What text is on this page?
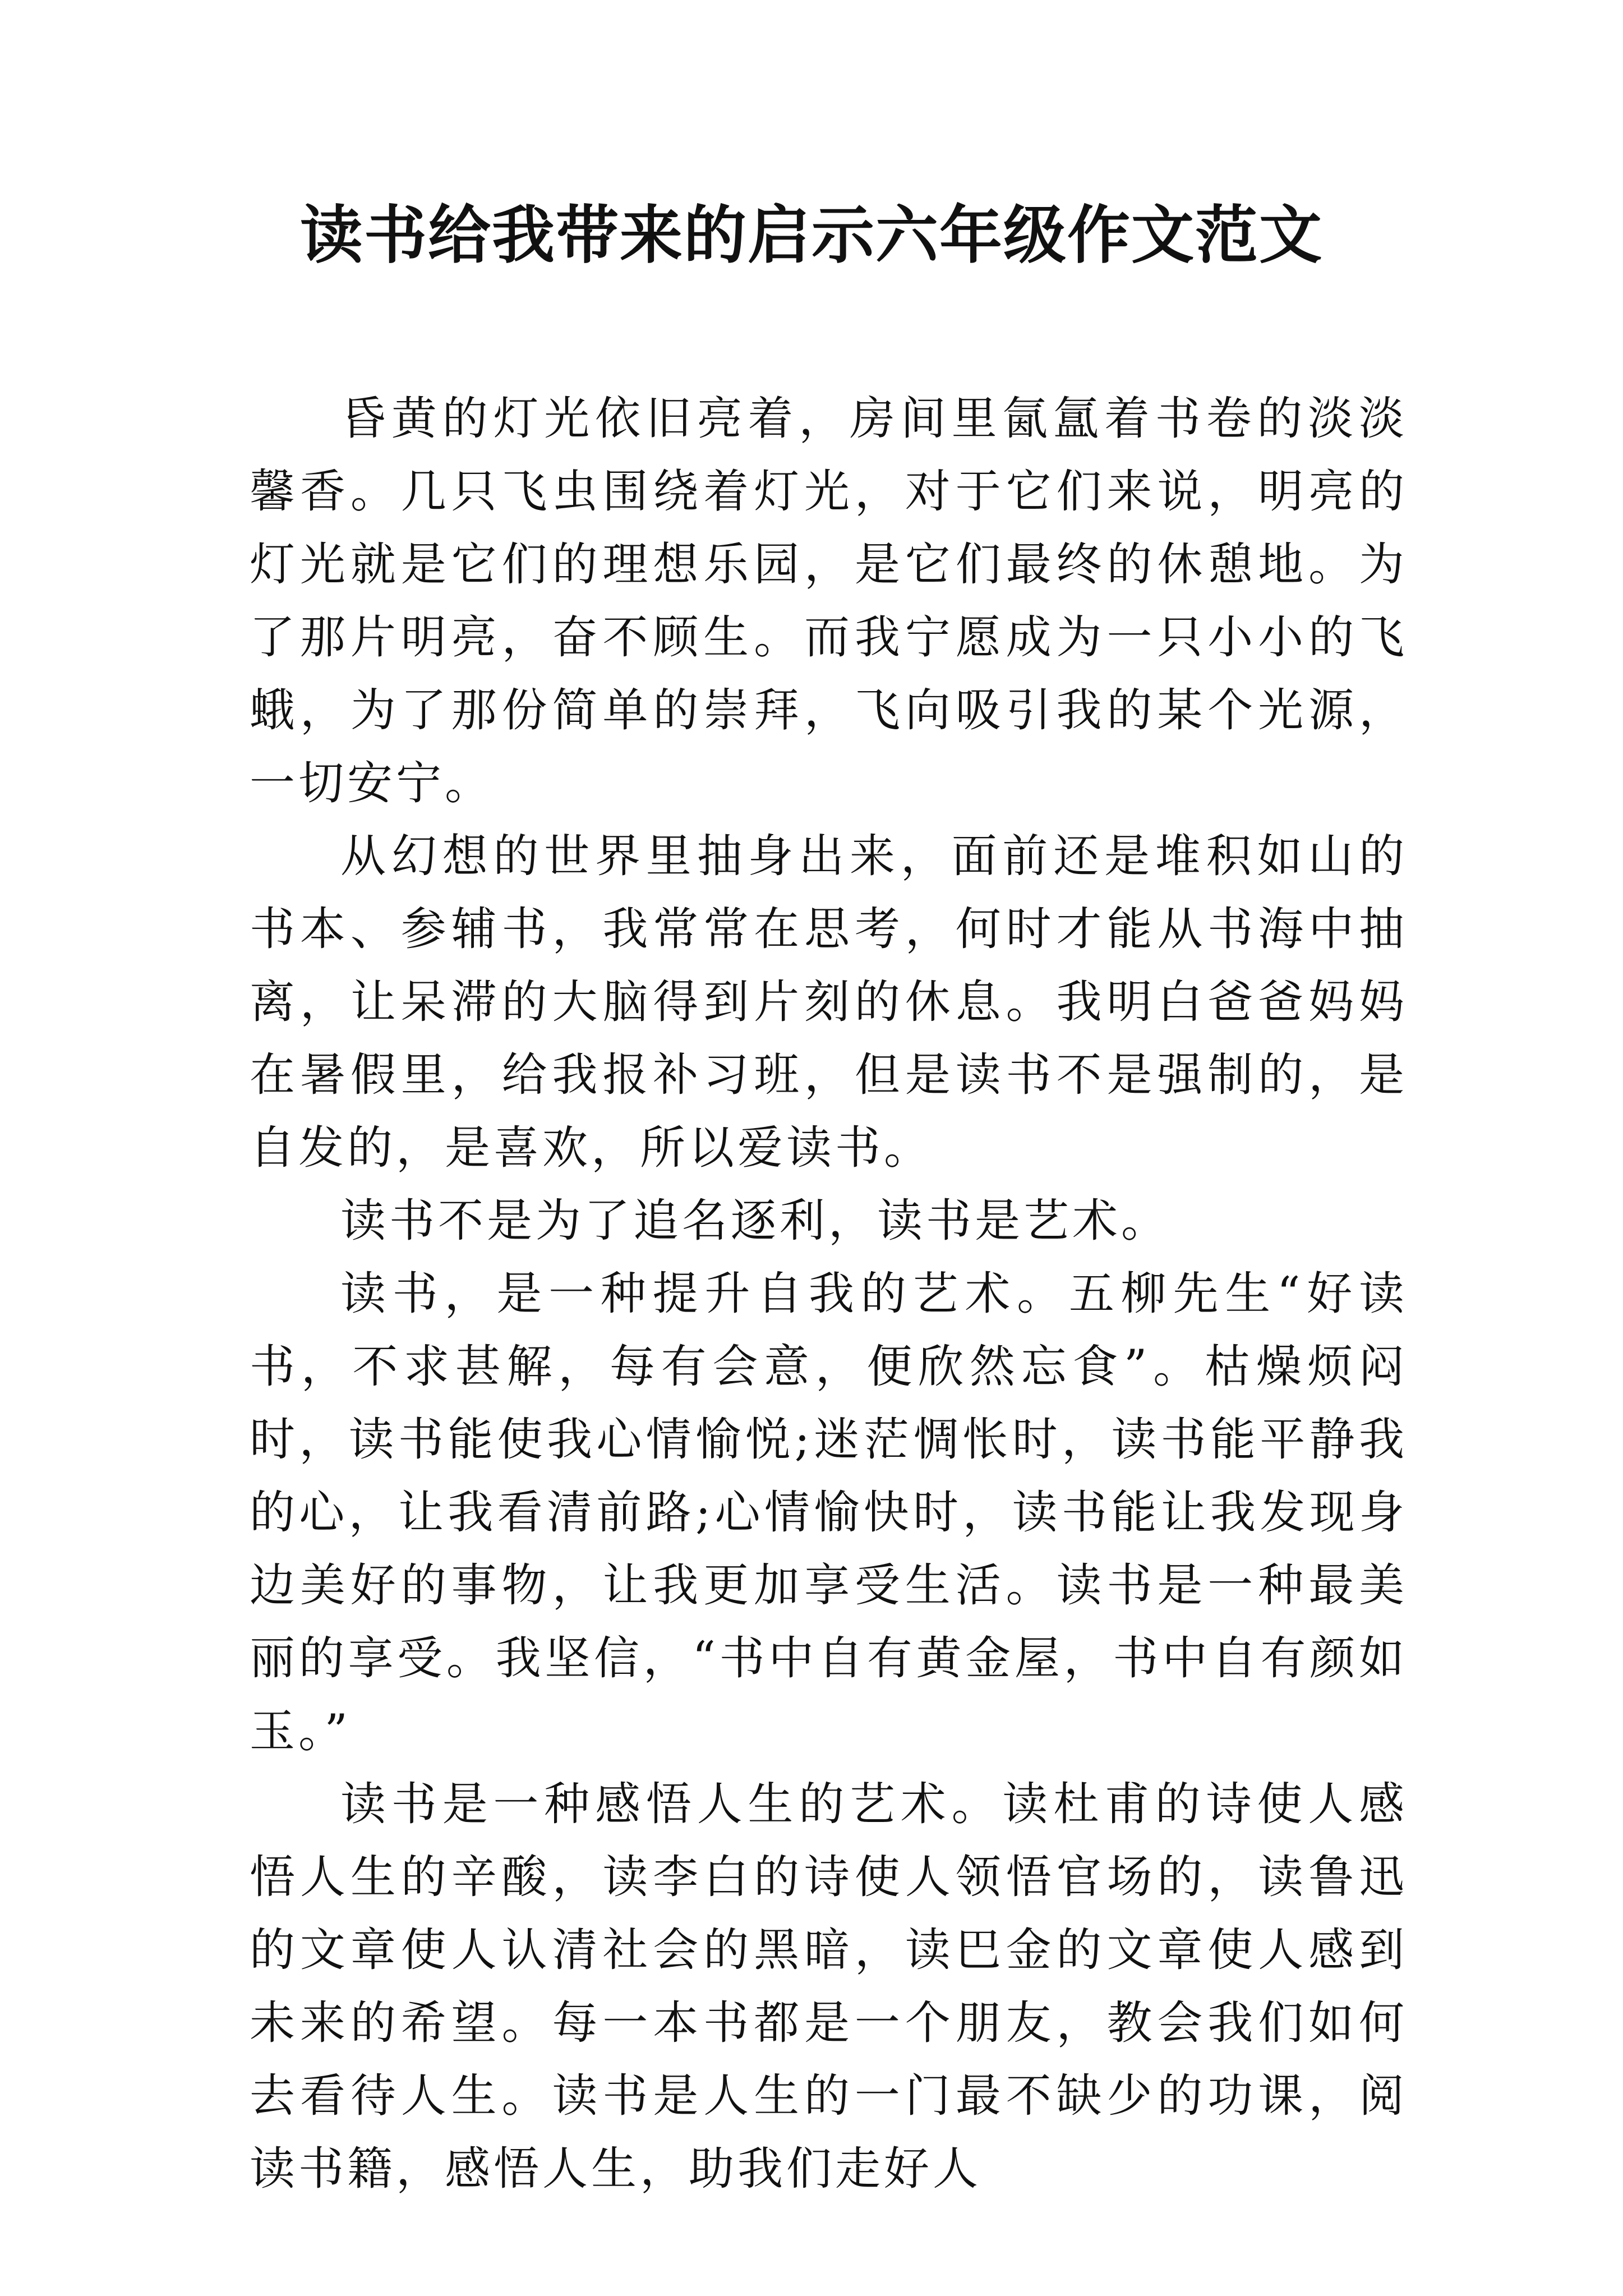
读书给我带来的启示六年级作文范文

昏黄的灯光依旧亮着，房间里氤氲着书卷的淡淡馨香。几只飞虫围绕着灯光，对于它们来说，明亮的灯光就是它们的理想乐园，是它们最终的休憩地。为了那片明亮，奋不顾生。而我宁愿成为一只小小的飞蛾，为了那份简单的崇拜，飞向吸引我的某个光源，一切安宁。

从幻想的世界里抽身出来，面前还是堆积如山的书本、参辅书，我常常在思考，何时才能从书海中抽离，让呆滞的大脑得到片刻的休息。我明白爸爸妈妈在暑假里，给我报补习班，但是读书不是强制的，是自发的，是喜欢，所以爱读书。

读书不是为了追名逐利，读书是艺术。

读书，是一种提升自我的艺术。五柳先生“好读书，不求甚解，每有会意，便欣然忘食”。枯燥烦闷时，读书能使我心情愉悦;迷茫惆怅时，读书能平静我的心，让我看清前路;心情愉快时，读书能让我发现身边美好的事物，让我更加享受生活。读书是一种最美丽的享受。我坚信，“书中自有黄金屋，书中自有颜如玉。”

读书是一种感悟人生的艺术。读杜甫的诗使人感悟人生的辛酸，读李白的诗使人领悟官场的，读鲁迅的文章使人认清社会的黑暗，读巴金的文章使人感到未来的希望。每一本书都是一个朋友，教会我们如何去看待人生。读书是人生的一门最不缺少的功课，阅读书籍，感悟人生，助我们走好人
